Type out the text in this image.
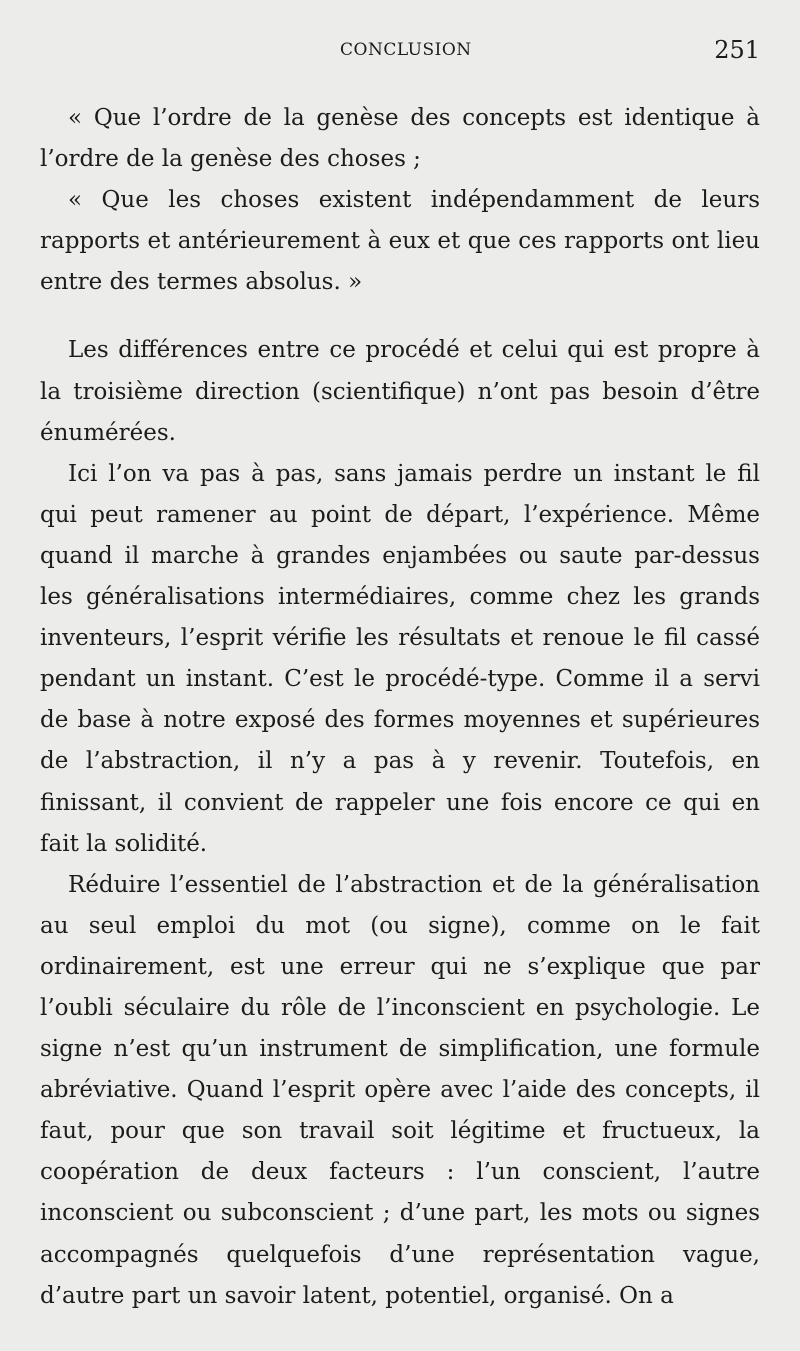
CONCLUSION	251

« Que l’ordre de la genèse des concepts est identique à l’ordre de la genèse des choses ;

« Que les choses existent indépendamment de leurs rapports et antérieurement à eux et que ces rapports ont lieu entre des termes absolus. »

Les différences entre ce procédé et celui qui est propre à la troisième direction (scientifique) n’ont pas besoin d’être énumérées.

Ici l’on va pas à pas, sans jamais perdre un instant le fil qui peut ramener au point de départ, l’expérience. Même quand il marche à grandes enjambées ou saute par-dessus les généralisations intermédiaires, comme chez les grands inventeurs, l’esprit vérifie les résultats et renoue le fil cassé pendant un instant. C’est le procédé-type. Comme il a servi de base à notre exposé des formes moyennes et supérieures de l’abstraction, il n’y a pas à y revenir. Toutefois, en finissant, il convient de rappeler une fois encore ce qui en fait la solidité.

Réduire l’essentiel de l’abstraction et de la généralisation au seul emploi du mot (ou signe), comme on le fait ordinairement, est une erreur qui ne s’explique que par l’oubli séculaire du rôle de l’inconscient en psychologie. Le signe n’est qu’un instrument de simplification, une formule abréviative. Quand l’esprit opère avec l’aide des concepts, il faut, pour que son travail soit légitime et fructueux, la coopération de deux facteurs : l’un conscient, l’autre inconscient ou subconscient ; d’une part, les mots ou signes accompagnés quelquefois d’une représentation vague, d’autre part un savoir latent, potentiel, organisé. On a
